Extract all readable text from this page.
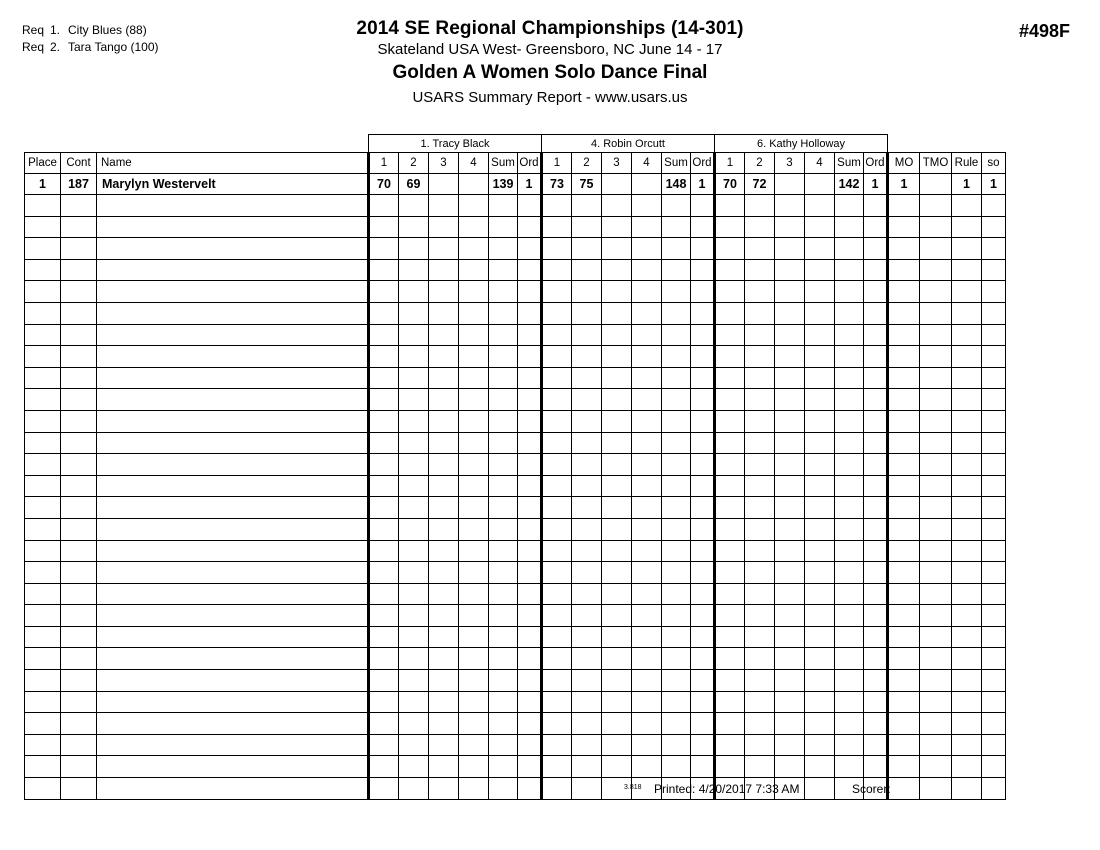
Req 1. City Blues (88)
Req 2. Tara Tango (100)
2014 SE Regional Championships (14-301)
Skateland USA West- Greensboro, NC June 14 - 17
Golden A Women Solo Dance Final
USARS Summary Report - www.usars.us
#498F
			1. Tracy Black						4. Robin Orcutt						6. Kathy Holloway									
Place	Cont	Name	1	2	3	4	Sum	Ord	1	2	3	4	Sum	Ord	1	2	3	4	Sum	Ord	MO	TMO	Rule	so
1	187	Marylyn Westervelt	70	69			139	1	73	75			148	1	70	72			142	1	1		1	1

3.818 Printed: 4/20/2017 7:33 AM	Scorer:
